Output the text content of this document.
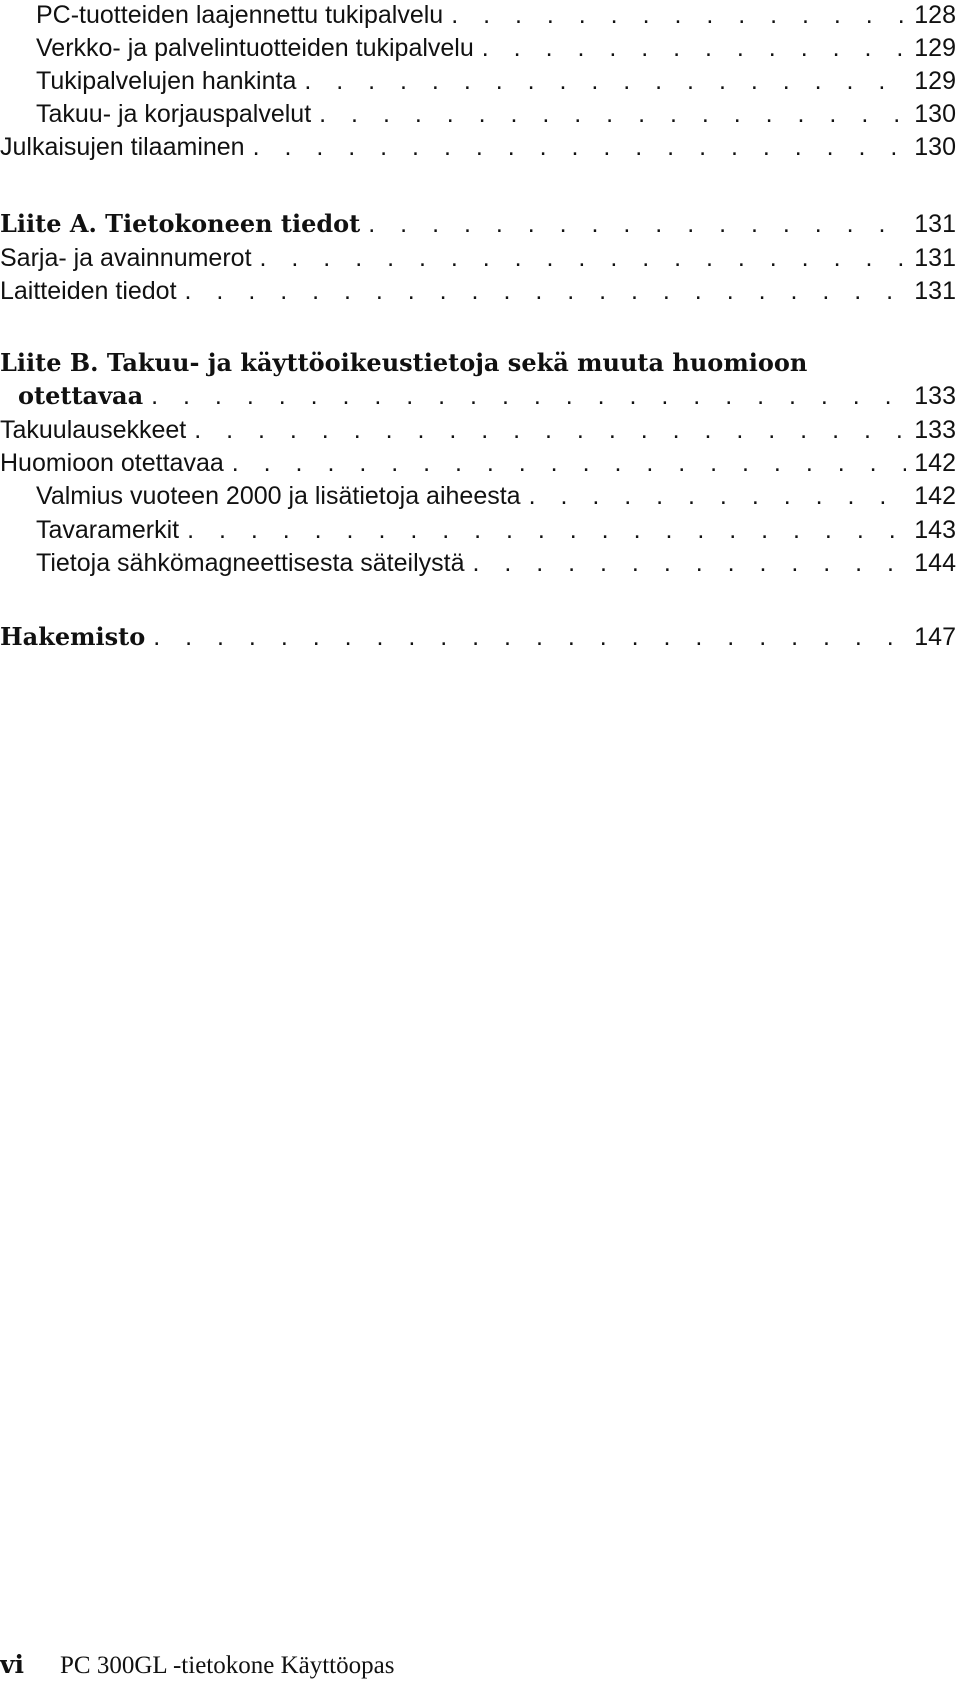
PC-tuotteiden laajennettu tukipalvelu . . .	128
Verkko- ja palvelintuotteiden tukipalvelu . . .	129
Tukipalvelujen hankinta . . .	129
Takuu- ja korjauspalvelut . . .	130
Julkaisujen tilaaminen . . .	130
Liite A. Tietokoneen tiedot . . .	131
Sarja- ja avainnumerot . . .	131
Laitteiden tiedot . . .	131
Liite B. Takuu- ja käyttöoikeustietoja sekä muuta huomioon
otettavaa . . .	133
Takuulausekkeet . . .	133
Huomioon otettavaa . . .	142
Valmius vuoteen 2000 ja lisätietoja aiheesta . . .	142
Tavaramerkit . . .	143
Tietoja sähkömagneettisesta säteilystä . . .	144
Hakemisto . . .	147
vi	PC 300GL -tietokone Käyttöopas
